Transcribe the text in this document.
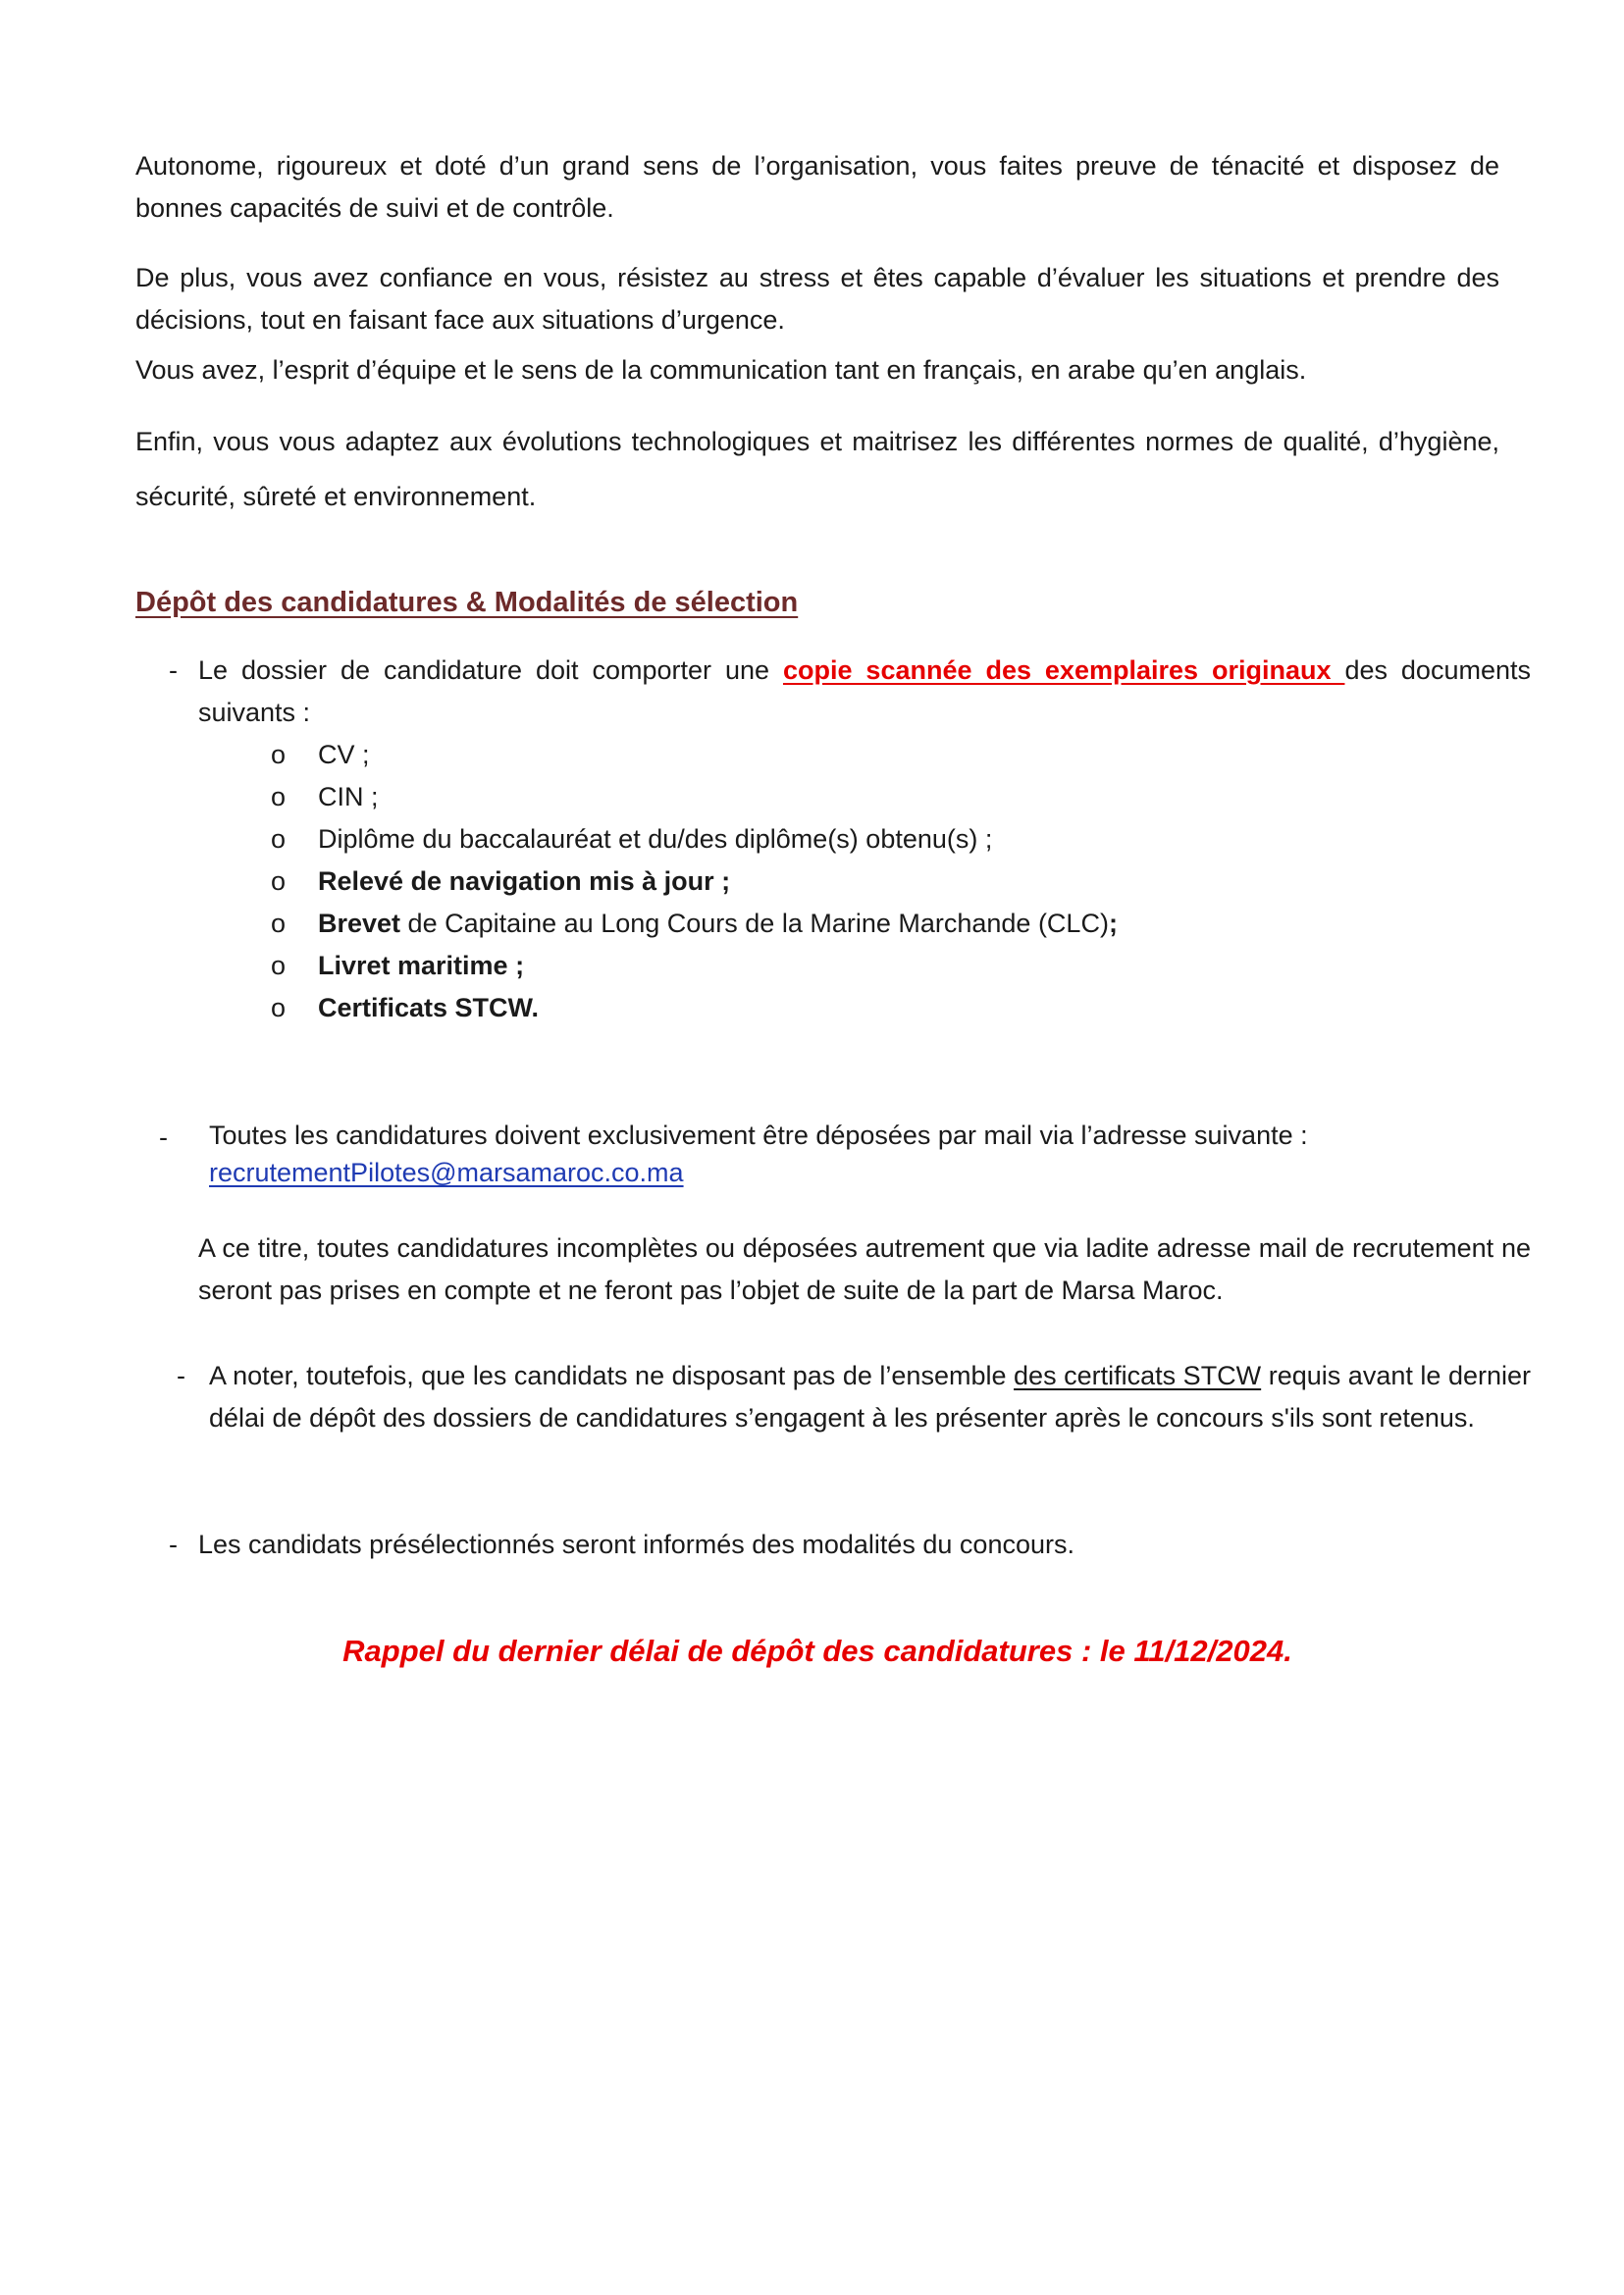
Autonome, rigoureux et doté d’un grand sens de l’organisation, vous faites preuve de ténacité et disposez de bonnes capacités de suivi et de contrôle.

De plus, vous avez confiance en vous, résistez au stress et êtes capable d’évaluer les situations et prendre des décisions, tout en faisant face aux situations d’urgence.

Vous avez, l’esprit d’équipe et le sens de la communication tant en français, en arabe qu’en anglais.

Enfin, vous vous adaptez aux évolutions technologiques et maitrisez les différentes normes de qualité, d’hygiène, sécurité, sûreté et environnement.

Dépôt des candidatures & Modalités de sélection
- Le dossier de candidature doit comporter une copie scannée des exemplaires originaux des documents suivants :

o CV ;
o CIN ;
o Diplôme du baccalauréat et du/des diplôme(s) obtenu(s) ;
o Relevé de navigation mis à jour ;
o Brevet de Capitaine au Long Cours de la Marine Marchande (CLC);
o Livret maritime ;
o Certificats STCW.
- Toutes les candidatures doivent exclusivement être déposées par mail via l’adresse suivante :
recrutementPilotes@marsamaroc.co.ma

A ce titre, toutes candidatures incomplètes ou déposées autrement que via ladite adresse mail de recrutement ne seront pas prises en compte et ne feront pas l’objet de suite de la part de Marsa Maroc.

- A noter, toutefois, que les candidats ne disposant pas de l’ensemble des certificats STCW requis avant le dernier délai de dépôt des dossiers de candidatures s’engagent à les présenter après le concours s'ils sont retenus.

- Les candidats présélectionnés seront informés des modalités du concours.

Rappel du dernier délai de dépôt des candidatures : le 11/12/2024.
